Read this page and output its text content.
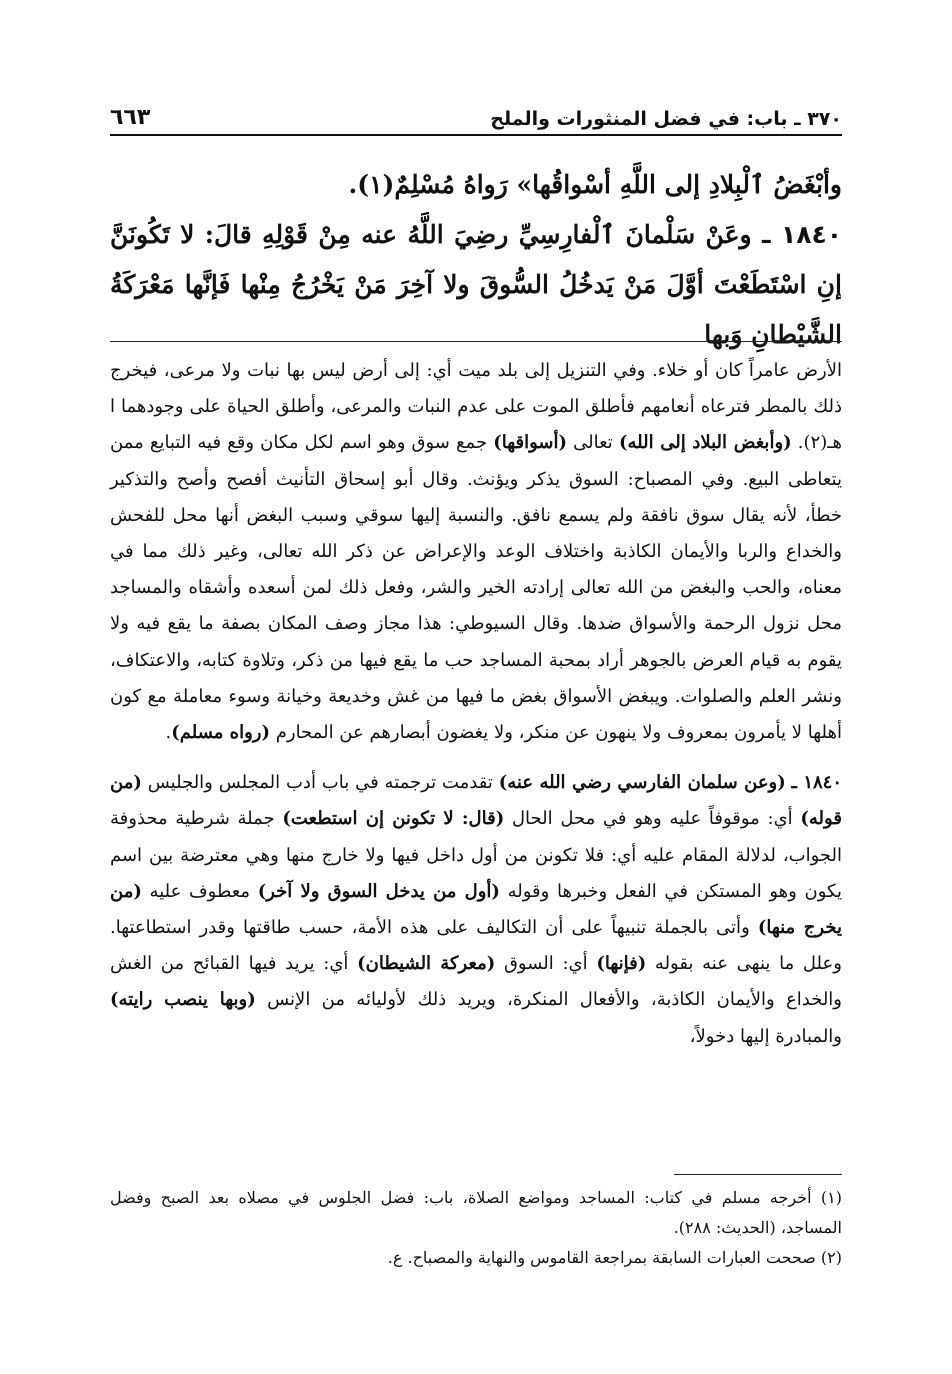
٣٧٠ ـ باب: في فضل المنثورات والملح
٦٦٣

وأبْغَضُ ٱلْبِلادِ إلى اللَّهِ أسْواقُها» رَواهُ مُسْلِمٌ(١).

١٨٤٠ ـ وعَنْ سَلْمانَ ٱلْفارِسِيِّ رضِيَ اللَّهُ عنه مِنْ قَوْلِهِ قالَ: لا تَكُونَنَّ إنِ اسْتَطَعْتَ أوَّلَ مَنْ يَدخُلُ السُّوقَ ولا آخِرَ مَنْ يَخْرُجُ مِنْها فَإنَّها مَعْرَكَةُ الشَّيْطانِ وَبها

الأرض عامراً كان أو خلاء. وفي التنزيل إلى بلد ميت أي: إلى أرض ليس بها نبات ولا مرعى، فيخرج ذلك بالمطر فترعاه أنعامهم فأطلق الموت على عدم النبات والمرعى، وأطلق الحياة على وجودهما ا هـ(٢). (وأبغض البلاد إلى الله) تعالى (أسواقها) جمع سوق وهو اسم لكل مكان وقع فيه التبايع ممن يتعاطى البيع. وفي المصباح: السوق يذكر ويؤنث. وقال أبو إسحاق التأنيث أفصح وأصح والتذكير خطأ، لأنه يقال سوق نافقة ولم يسمع نافق. والنسبة إليها سوقي وسبب البغض أنها محل للفحش والخداع والربا والأيمان الكاذبة واختلاف الوعد والإعراض عن ذكر الله تعالى، وغير ذلك مما في معناه، والحب والبغض من الله تعالى إرادته الخير والشر، وفعل ذلك لمن أسعده وأشقاه والمساجد محل نزول الرحمة والأسواق ضدها. وقال السيوطي: هذا مجاز وصف المكان بصفة ما يقع فيه ولا يقوم به قيام العرض بالجوهر أراد بمحبة المساجد حب ما يقع فيها من ذكر، وتلاوة كتابه، والاعتكاف، ونشر العلم والصلوات. ويبغض الأسواق بغض ما فيها من غش وخديعة وخيانة وسوء معاملة مع كون أهلها لا يأمرون بمعروف ولا ينهون عن منكر، ولا يغضون أبصارهم عن المحارم (رواه مسلم).

١٨٤٠ ـ (وعن سلمان الفارسي رضي الله عنه) تقدمت ترجمته في باب أدب المجلس والجليس (من قوله) أي: موقوفاً عليه وهو في محل الحال (قال: لا تكونن إن استطعت) جملة شرطية محذوفة الجواب، لدلالة المقام عليه أي: فلا تكونن من أول داخل فيها ولا خارج منها وهي معترضة بين اسم يكون وهو المستكن في الفعل وخبرها وقوله (أول من يدخل السوق ولا آخر) معطوف عليه (من يخرج منها) وأتى بالجملة تنبيهاً على أن التكاليف على هذه الأمة، حسب طاقتها وقدر استطاعتها. وعلل ما ينهى عنه بقوله (فإنها) أي: السوق (معركة الشيطان) أي: يريد فيها القبائح من الغش والخداع والأيمان الكاذبة، والأفعال المنكرة، ويريد ذلك لأوليائه من الإنس (وبها ينصب رايته) والمبادرة إليها دخولاً،

(١) أخرجه مسلم في كتاب: المساجد ومواضع الصلاة، باب: فضل الجلوس في مصلاه بعد الصبح وفضل المساجد، (الحديث: ٢٨٨).

(٢) صححت العبارات السابقة بمراجعة القاموس والنهاية والمصباح. ع.
